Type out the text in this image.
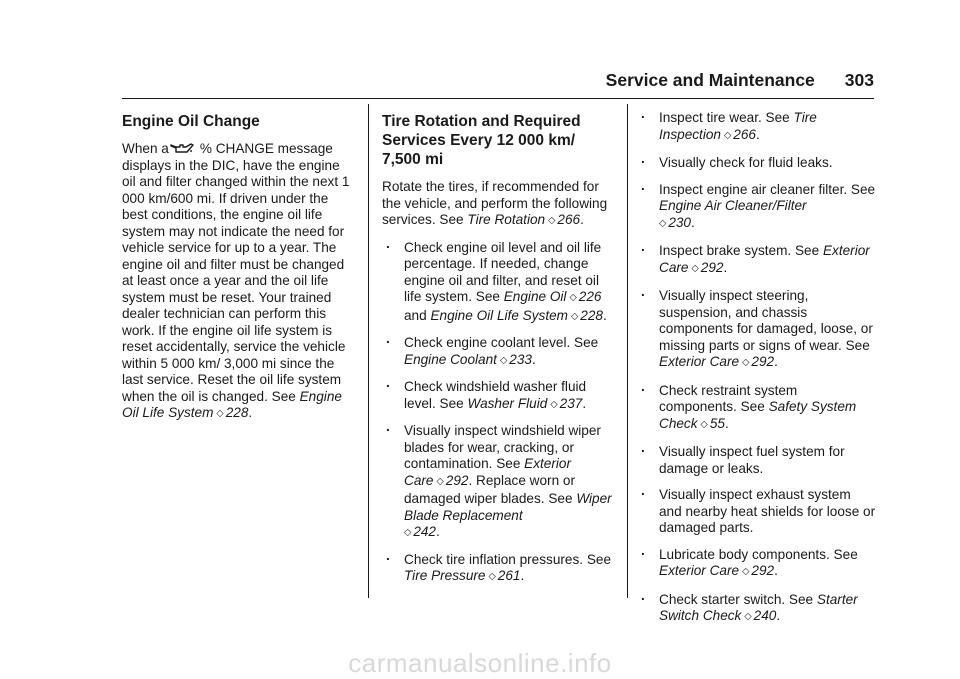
Service and Maintenance 303
Engine Oil Change

When a % CHANGE message displays in the DIC, have the engine oil and filter changed within the next 1 000 km/600 mi. If driven under the best conditions, the engine oil life system may not indicate the need for vehicle service for up to a year. The engine oil and filter must be changed at least once a year and the oil life system must be reset. Your trained dealer technician can perform this work. If the engine oil life system is reset accidentally, service the vehicle within 5 000 km/ 3,000 mi since the last service. Reset the oil life system when the oil is changed. See Engine Oil Life System ◇ 228.

Tire Rotation and Required Services Every 12 000 km/ 7,500 mi

Rotate the tires, if recommended for the vehicle, and perform the following services. See Tire Rotation ◇ 266.

. Check engine oil level and oil life percentage. If needed, change engine oil and filter, and reset oil life system. See Engine Oil ◇ 226 and Engine Oil Life System ◇ 228.
. Check engine coolant level. See Engine Coolant ◇ 233.
. Check windshield washer fluid level. See Washer Fluid ◇ 237.
. Visually inspect windshield wiper blades for wear, cracking, or contamination. See Exterior Care ◇ 292. Replace worn or damaged wiper blades. See Wiper Blade Replacement
◇ 242.
. Check tire inflation pressures. See Tire Pressure ◇ 261.
. Inspect tire wear. See Tire Inspection ◇ 266.
. Visually check for fluid leaks.
. Inspect engine air cleaner filter. See Engine Air Cleaner/Filter
◇ 230.
. Inspect brake system. See Exterior Care ◇ 292.
. Visually inspect steering, suspension, and chassis components for damaged, loose, or missing parts or signs of wear. See Exterior Care ◇ 292.
. Check restraint system components. See Safety System Check ◇ 55.
. Visually inspect fuel system for damage or leaks.
. Visually inspect exhaust system and nearby heat shields for loose or damaged parts.
. Lubricate body components. See Exterior Care ◇ 292.
. Check starter switch. See Starter Switch Check ◇ 240.
carmanualsonline.info
